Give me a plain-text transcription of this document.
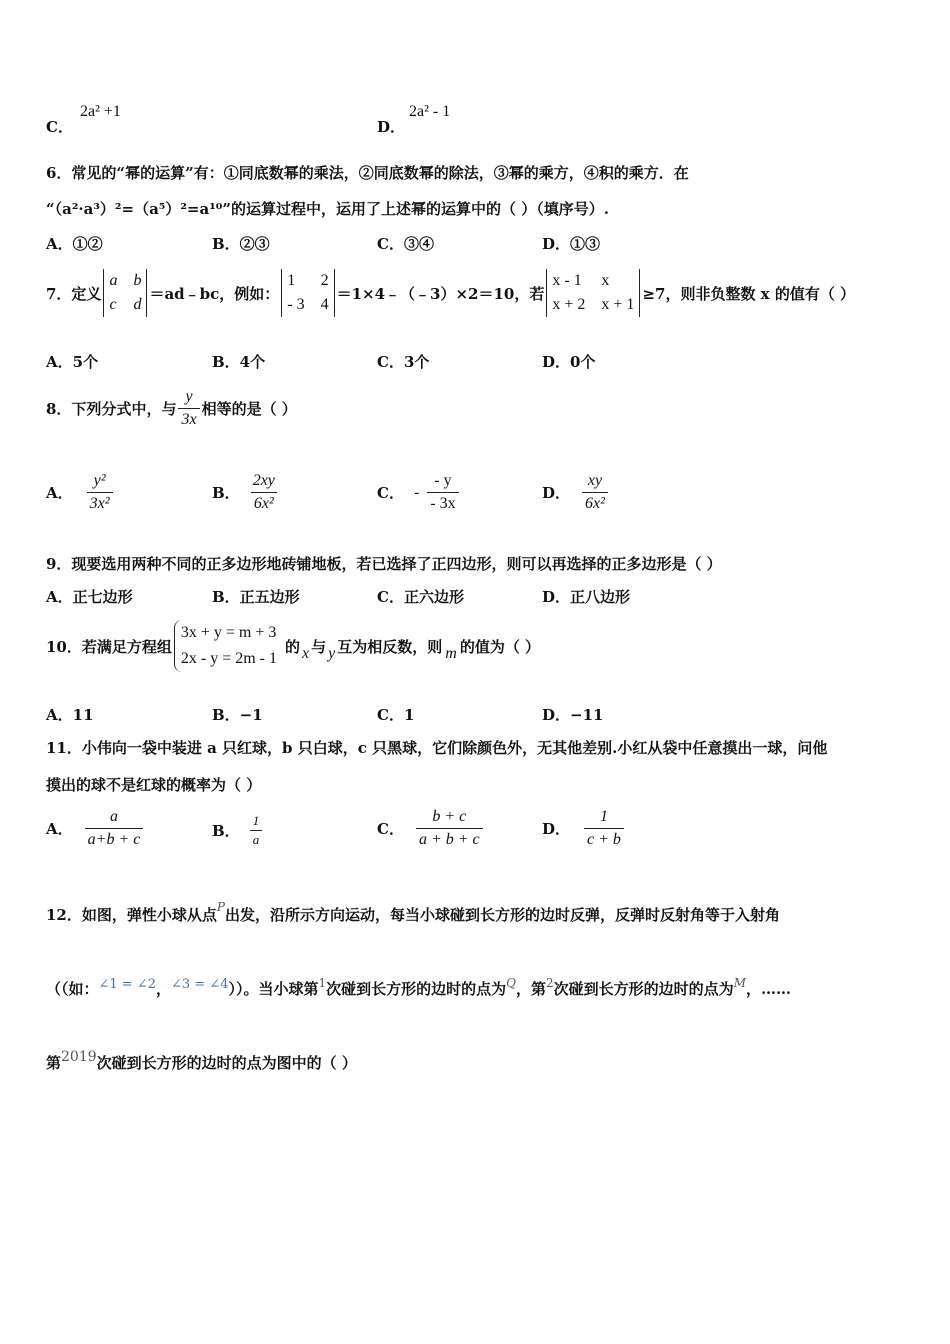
C．
2a² +1
D．
2a² - 1
6．常见的“幂的运算”有：①同底数幂的乘法，②同底数幂的除法，③幂的乘方，④积的乘方．在
“（a²·a³）²=（a⁵）²=a¹⁰”的运算过程中，运用了上述幂的运算中的（ ）（填序号）.
A．①②	B．②③	C．③④	D．①③
7．定义
a b
c d
＝ad﹣bc，例如：
1	2
- 3 4
＝1×4﹣（﹣3）×2＝10，若
x - 1 x
x + 2 x + 1
≥7，则非负整数 x 的值有（ ）
A．5个	B．4个	C．3个	D．0个
8．下列分式中，与 $\frac{y}{3x}$ 相等的是（ ）
A． $\frac{\text{y²}}{\text{3x²}}$	B． $\frac{2xy}{\text{6x²}}$	C． - $\frac{- y}{- 3x}$	D． $\frac{xy}{\text{6x²}}$
9．现要选用两种不同的正多边形地砖铺地板，若已选择了正四边形，则可以再选择的正多边形是（ ）
A．正七边形	B．正五边形	C．正六边形	D．正八边形
10．若满足方程组
3x + y = m + 3
2x - y = 2m - 1
的 x 与 y 互为相反数，则 m 的值为（ ）
A．11	B．−1	C．1	D．−11
11．小伟向一袋中装进 a 只红球，b 只白球，c 只黑球，它们除颜色外，无其他差别.小红从袋中任意摸出一球，问他
摸出的球不是红球的概率为（ ）
A． $\frac{a}{a+b + c}$	B． $\frac{1}{a}$	C． $\frac{b + c}{a + b + c}$	D． $\frac{1}{c + b}$
12．如图，弹性小球从点 P 出发，沿所示方向运动，每当小球碰到长方形的边时反弹，反弹时反射角等于入射角
（（如： ∠1 = ∠2 ， ∠3 = ∠4 ））。当小球第 1 次碰到长方形的边时的点为 Q ，第 2 次碰到长方形的边时的点为 M ，……
第 2019 次碰到长方形的边时的点为图中的（ ）
